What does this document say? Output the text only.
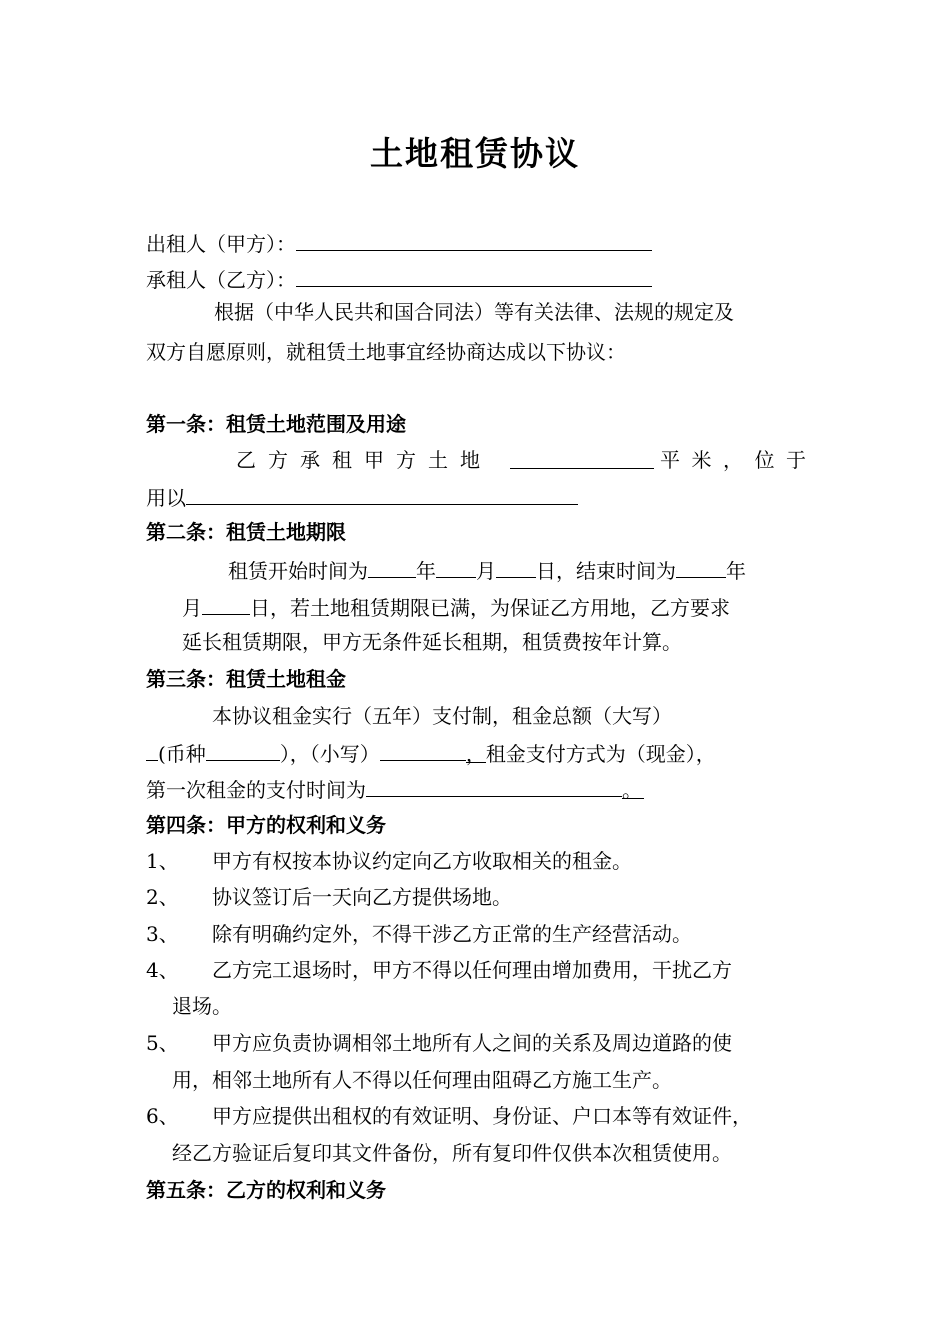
土地租赁协议
出租人（甲方）：
承租人（乙方）：
根据（中华人民共和国合同法）等有关法律、法规的规定及
双方自愿原则，就租赁土地事宜经协商达成以下协议：
第一条：租赁土地范围及用途
乙 方 承 租 甲 方 土 地	平 米 ， 位 于
用以
第二条：租赁土地期限
租赁开始时间为 年 月 日，结束时间为	年
月 日，若土地租赁期限已满，为保证乙方用地，乙方要求
延长租赁期限，甲方无条件延长租期，租赁费按年计算。
第三条：租赁土地租金
本协议租金实行（五年）支付制，租金总额（大写）
(币种	），（小写）	，租金支付方式为（现金），
第一次租金的支付时间为	。
第四条：甲方的权利和义务
1、 甲方有权按本协议约定向乙方收取相关的租金。
2、 协议签订后一天向乙方提供场地。
3、 除有明确约定外，不得干涉乙方正常的生产经营活动。
4、 乙方完工退场时，甲方不得以任何理由增加费用，干扰乙方
退场。
5、 甲方应负责协调相邻土地所有人之间的关系及周边道路的使
用，相邻土地所有人不得以任何理由阻碍乙方施工生产。
6、 甲方应提供出租权的有效证明、身份证、户口本等有效证件，
经乙方验证后复印其文件备份，所有复印件仅供本次租赁使用。
第五条：乙方的权利和义务
